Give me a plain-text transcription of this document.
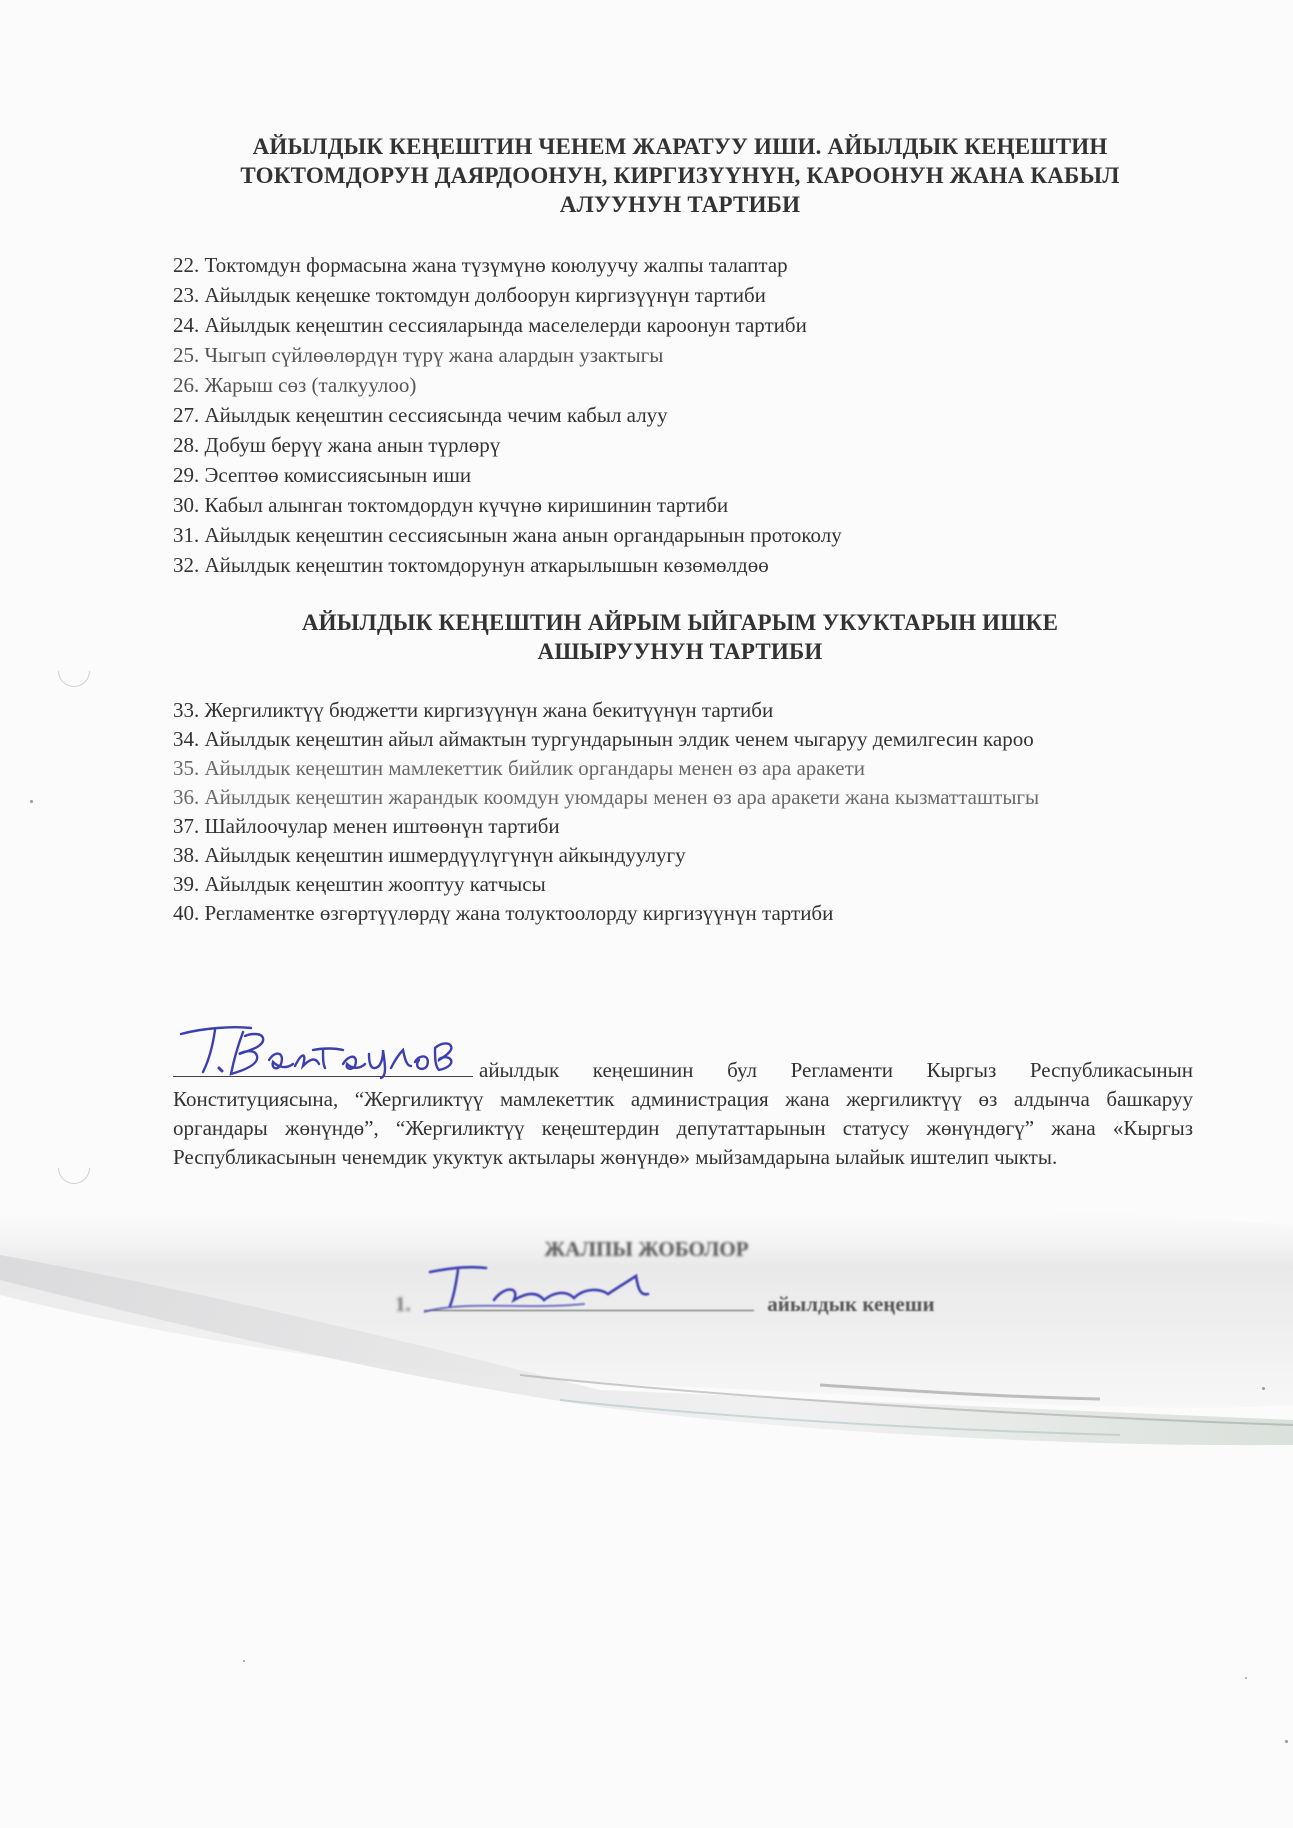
АЙЫЛДЫК КЕҢЕШТИН ЧЕНЕМ ЖАРАТУУ ИШИ. АЙЫЛДЫК КЕҢЕШТИН
ТОКТОМДОРУН ДАЯРДООНУН, КИРГИЗҮҮНҮН, КАРООНУН ЖАНА КАБЫЛ
АЛУУНУН ТАРТИБИ
22. Токтомдун формасына жана түзүмүнө коюлуучу жалпы талаптар
23. Айылдык кеңешке токтомдун долбоорун киргизүүнүн тартиби
24. Айылдык кеңештин сессияларында маселелерди кароонун тартиби
25. Чыгып сүйлөөлөрдүн түрү жана алардын узактыгы
26. Жарыш сөз (талкуулоо)
27. Айылдык кеңештин сессиясында чечим кабыл алуу
28. Добуш берүү жана анын түрлөрү
29. Эсептөө комиссиясынын иши
30. Кабыл алынган токтомдордун күчүнө киришинин тартиби
31. Айылдык кеңештин сессиясынын жана анын органдарынын протоколу
32. Айылдык кеңештин токтомдорунун аткарылышын көзөмөлдөө
АЙЫЛДЫК КЕҢЕШТИН АЙРЫМ ЫЙГАРЫМ УКУКТАРЫН ИШКЕ
АШЫРУУНУН ТАРТИБИ
33. Жергиликтүү бюджетти киргизүүнүн жана бекитүүнүн тартиби
34. Айылдык кеңештин айыл аймактын тургундарынын элдик ченем чыгаруу демилгесин кароо
35. Айылдык кеңештин мамлекеттик бийлик органдары менен өз ара аракети
36. Айылдык кеңештин жарандык коомдун уюмдары менен өз ара аракети жана кызматташтыгы
37. Шайлоочулар менен иштөөнүн тартиби
38. Айылдык кеңештин ишмердүүлүгүнүн айкындуулугу
39. Айылдык кеңештин жооптуу катчысы
40. Регламентке өзгөртүүлөрдү жана толуктоолорду киргизүүнүн тартиби
айылдык кеңешинин бул Регламенти Кыргыз Республикасынын Конституциясына, “Жергиликтүү мамлекеттик администрация жана жергиликтүү өз алдынча башкаруу органдары жөнүндө”, “Жергиликтүү кеңештердин депутаттарынын статусу жөнүндөгү” жана «Кыргыз Республикасынын ченемдик укуктук актылары жөнүндө» мыйзамдарына ылайык иштелип чыкты.
ЖАЛПЫ ЖОБОЛОР
1.	айылдык кеңеши
